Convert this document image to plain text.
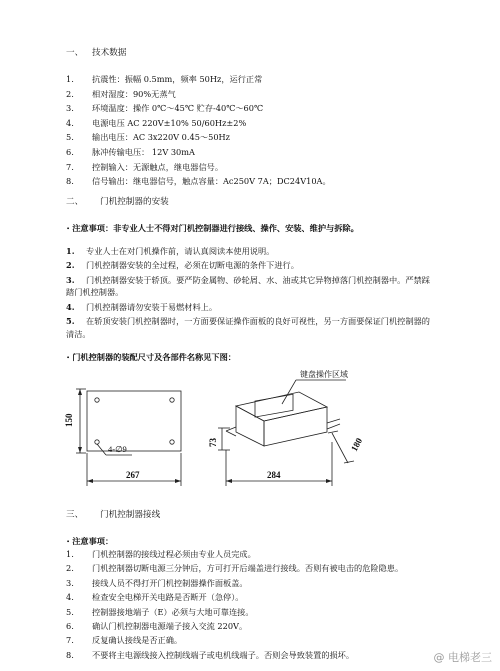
一、 技术数据
1. 抗震性：振幅 0.5mm，频率 50Hz，运行正常
2. 相对湿度：90%无蒸气
3. 环境温度：操作 0℃～45℃ 贮存-40℃～60℃
4. 电源电压 AC 220V±10% 50/60Hz±2%
5. 输出电压：AC 3x220V 0.45～50Hz
6. 脉冲传输电压： 12V 30mA
7. 控制输入：无源触点，继电器信号。
8. 信号输出：继电器信号，触点容量：Ac250V 7A；DC24V10A。
二、 门机控制器的安装
・注意事项：非专业人士不得对门机控制器进行接线、操作、安装、维护与拆除。
1. 专业人士在对门机操作前，请认真阅读本使用说明。
2. 门机控制器安装的全过程，必须在切断电源的条件下进行。
3. 门机控制器安装于轿顶。要严防金属物、砂轮屑、水、油或其它异物掉落门机控制器中。严禁踩
踏门机控制器。
4. 门机控制器请勿安装于易燃材料上。
5. 在轿顶安装门机控制器时，一方面要保证操作面板的良好可视性，另一方面要保证门机控制器的
清洁。
・门机控制器的装配尺寸及各部件名称见下图：
键盘操作区域
150
4-∅9
267
73	180
284
三、 门机控制器接线
・注意事项：
1. 门机控制器的接线过程必须由专业人员完成。
2. 门机控制器切断电源三分钟后，方可打开后端盖进行接线。否则有被电击的危险隐患。
3. 接线人员不得打开门机控制器操作面板盖。
4. 检查安全电梯开关电路是否断开（急停）。
5. 控制器接地端子（E）必须与大地可靠连接。
6. 确认门机控制器电源端子接入交流 220V。
7. 反复确认接线是否正确。
8. 不要将主电源线接入控制线端子或电机线端子。否则会导致装置的损坏。	@ 电梯老三
